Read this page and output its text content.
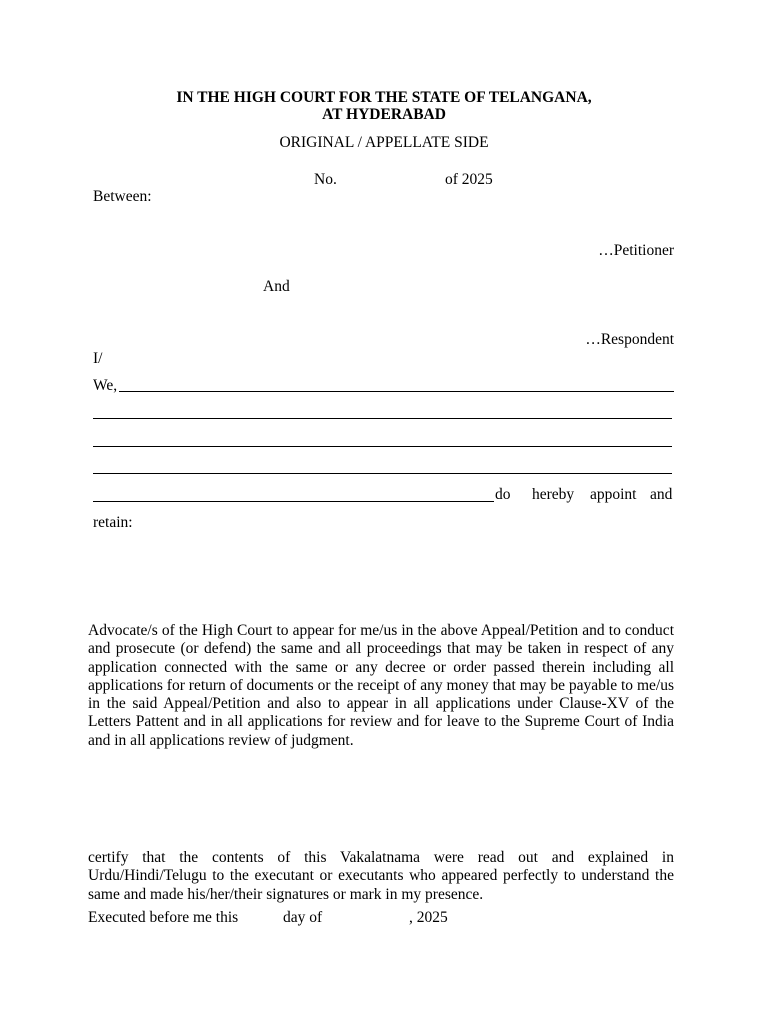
IN THE HIGH COURT FOR THE STATE OF TELANGANA,
AT HYDERABAD
ORIGINAL / APPELLATE SIDE
No.	of 2025
Between:
…Petitioner
And
…Respondent
I/
We,
do hereby appoint and
retain:

Advocate/s of the High Court to appear for me/us in the above Appeal/Petition and to conduct and prosecute (or defend) the same and all proceedings that may be taken in respect of any application connected with the same or any decree or order passed therein including all applications for return of documents or the receipt of any money that may be payable to me/us in the said Appeal/Petition and also to appear in all applications under Clause-XV of the Letters Pattent and in all applications for review and for leave to the Supreme Court of India and in all applications review of judgment.

certify that the contents of this Vakalatnama were read out and explained in Urdu/Hindi/Telugu to the executant or executants who appeared perfectly to understand the same and made his/her/their signatures or mark in my presence.

Executed before me this	day of	, 2025
